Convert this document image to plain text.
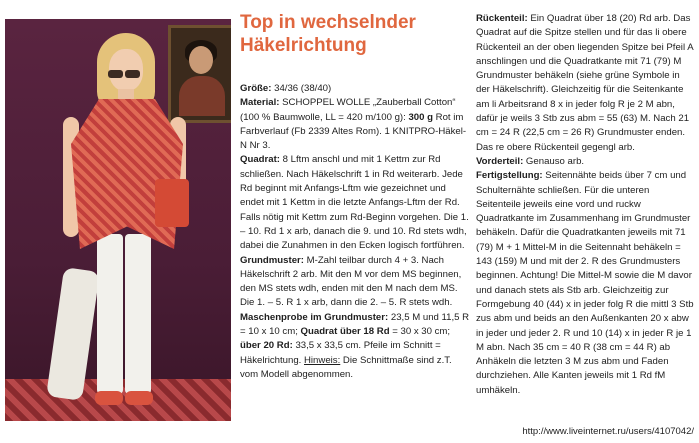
Top in wechselnder Häkelrichtung

Größe: 34/36 (38/40)

Material: SCHOPPEL WOLLE „Zauberball Cotton“ (100 % Baumwolle, LL = 420 m/100 g): 300 g Rot im Farbverlauf (Fb 2339 Altes Rom). 1 KNITPRO-Häkel-N Nr 3.

Quadrat: 8 Lftm anschl und mit 1 Kettm zur Rd schließen. Nach Häkelschrift 1 in Rd weiterarb. Jede Rd beginnt mit Anfangs-Lftm wie gezeichnet und endet mit 1 Kettm in die letzte Anfangs-Lftm der Rd. Falls nötig mit Kettm zum Rd-Beginn vorgehen. Die 1. – 10. Rd 1 x arb, danach die 9. und 10. Rd stets wdh, dabei die Zunahmen in den Ecken logisch fortführen.

Grundmuster: M-Zahl teilbar durch 4 + 3. Nach Häkelschrift 2 arb. Mit den M vor dem MS beginnen, den MS stets wdh, enden mit den M nach dem MS. Die 1. – 5. R 1 x arb, dann die 2. – 5. R stets wdh.

Maschenprobe im Grundmuster: 23,5 M und 11,5 R = 10 x 10 cm; Quadrat über 18 Rd = 30 x 30 cm; über 20 Rd: 33,5 x 33,5 cm. Pfeile im Schnitt = Häkelrichtung. Hinweis: Die Schnittmaße sind z.T. vom Modell abgenommen.

Rückenteil: Ein Quadrat über 18 (20) Rd arb. Das Quadrat auf die Spitze stellen und für das li obere Rückenteil an der oben liegenden Spitze bei Pfeil A anschlingen und die Quadratkante mit 71 (79) M Grundmuster behäkeln (siehe grüne Symbole in der Häkelschrift). Gleichzeitig für die Seitenkante am li Arbeitsrand 8 x in jeder folg R je 2 M abn, dafür je weils 3 Stb zus abm = 55 (63) M. Nach 21 cm = 24 R (22,5 cm = 26 R) Grundmuster enden. Das re obere Rückenteil gegengl arb.

Vorderteil: Genauso arb.

Fertigstellung: Seitennähte beids über 7 cm und Schulternähte schließen. Für die unteren Seitenteile jeweils eine vord und ruckw Quadratkante im Zusammenhang im Grundmuster behäkeln. Dafür die Quadratkanten jeweils mit 71 (79) M + 1 Mittel-M in die Seitennaht behäkeln = 143 (159) M und mit der 2. R des Grundmusters beginnen. Achtung! Die Mittel-M sowie die M davor und danach stets als Stb arb. Gleichzeitig zur Formgebung 40 (44) x in jeder folg R die mittl 3 Stb zus abm und beids an den Außenkanten 20 x abw in jeder und jeder 2. R und 10 (14) x in jeder R je 1 M abn. Nach 35 cm = 40 R (38 cm = 44 R) ab Anhäkeln die letzten 3 M zus abm und Faden durchziehen. Alle Kanten jeweils mit 1 Rd fM umhäkeln.

http://www.liveinternet.ru/users/4107042/
